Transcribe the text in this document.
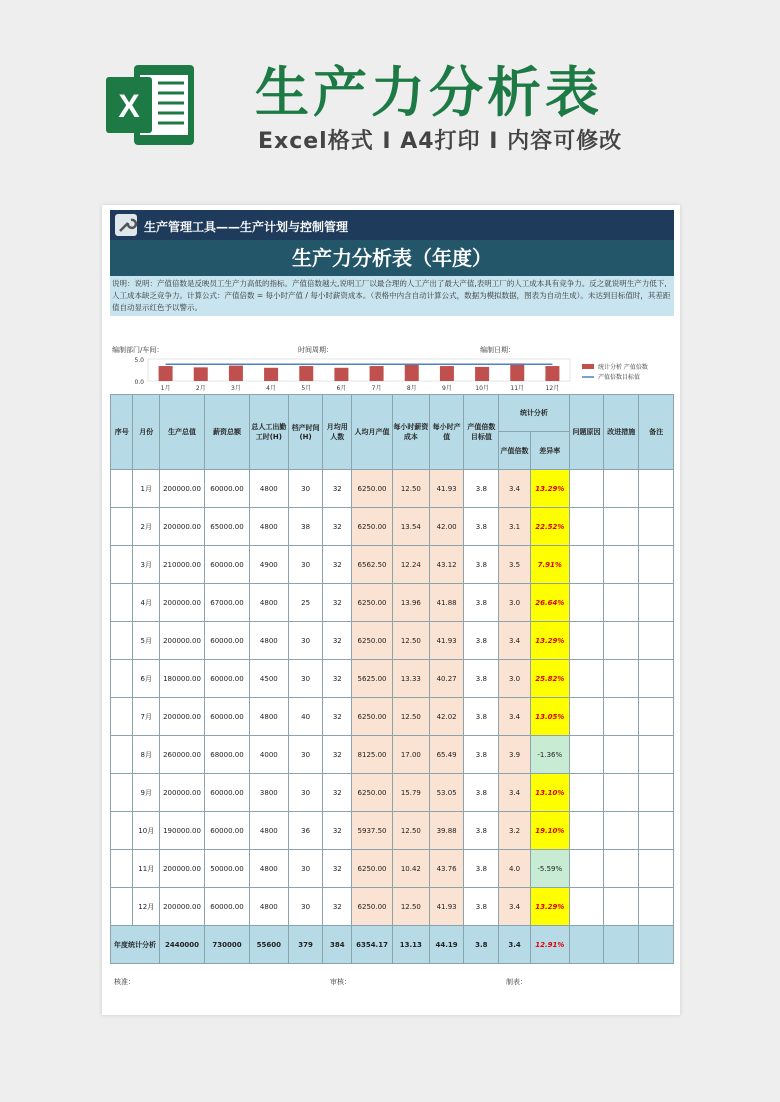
X 生产力分析表
Excel格式 I A4打印 I 内容可修改
生产管理工具——生产计划与控制管理
生产力分析表（年度）
说明：说明：产值倍数是反映员工生产力高低的指标。产值倍数越大,说明工厂以最合理的人工产出了最大产值,表明工厂的人工成本具有竞争力。反之就说明生产力低下,人工成本缺乏竞争力。计算公式：产值倍数 = 每小时产值 / 每小时薪资成本。（表格中内含自动计算公式，数据为模拟数据，图表为自动生成）。未达到目标值时，其差距值自动显示红色予以警示。
编制部门/车间：	时间周期：	编制日期：
5.0
0.0
1月	2月	3月	4月	5月	6月	7月	8月	9月	10月	11月	12月
统计分析 产值倍数
产值倍数目标值
序号	月份	生产总值	薪资总额	总人工出勤工时(H)	档产时间(H)	月均用人数	人均月产值	每小时薪资成本	每小时产值	产值倍数目标值	统计分析		问题原因	改进措施	备注
											产值倍数	差异率			
	1月	200000.00	60000.00	4800	30	32	6250.00	12.50	41.93	3.8	3.4	13.29%			
	2月	200000.00	65000.00	4800	38	32	6250.00	13.54	42.00	3.8	3.1	22.52%			
	3月	210000.00	60000.00	4900	30	32	6562.50	12.24	43.12	3.8	3.5	7.91%			
	4月	200000.00	67000.00	4800	25	32	6250.00	13.96	41.88	3.8	3.0	26.64%			
	5月	200000.00	60000.00	4800	30	32	6250.00	12.50	41.93	3.8	3.4	13.29%			
	6月	180000.00	60000.00	4500	30	32	5625.00	13.33	40.27	3.8	3.0	25.82%			
	7月	200000.00	60000.00	4800	40	32	6250.00	12.50	42.02	3.8	3.4	13.05%			
	8月	260000.00	68000.00	4000	30	32	8125.00	17.00	65.49	3.8	3.9	-1.36%			
	9月	200000.00	60000.00	3800	30	32	6250.00	15.79	53.05	3.8	3.4	13.10%			
	10月	190000.00	60000.00	4800	36	32	5937.50	12.50	39.88	3.8	3.2	19.10%			
	11月	200000.00	50000.00	4800	30	32	6250.00	10.42	43.76	3.8	4.0	-5.59%			
	12月	200000.00	60000.00	4800	30	32	6250.00	12.50	41.93	3.8	3.4	13.29%			
年度统计分析		2440000	730000	55600	379	384	6354.17	13.13	44.19	3.8	3.4	12.91%			
核准：	审核：	制表：
